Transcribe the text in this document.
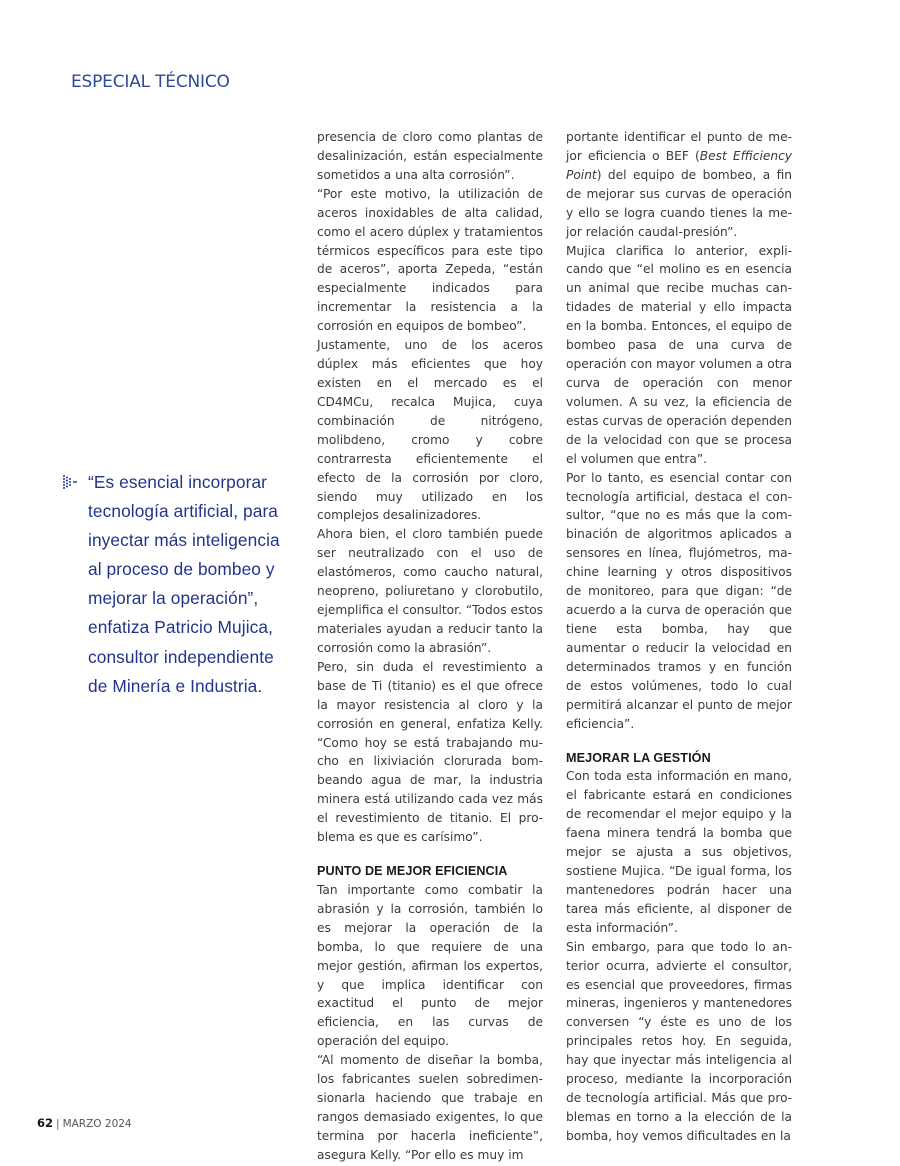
ESPECIAL TÉCNICO
“Es esencial incorporar tecnología artificial, para inyectar más inteligencia al proceso de bombeo y mejorar la operación”, enfatiza Patricio Mujica, consultor independiente de Minería e Industria.

presencia de cloro como plantas de desalinización, están especialmente sometidos a una alta corrosión”.

“Por este motivo, la utilización de aceros inoxidables de alta calidad, como el acero dúplex y tratamientos térmicos específicos para este tipo de aceros”, aporta Zepeda, “están especialmente indicados para incrementar la resistencia a la corrosión en equipos de bombeo”.

Justamente, uno de los aceros dúplex más eficientes que hoy existen en el mercado es el CD4MCu, recalca Mujica, cuya combinación de nitrógeno, molibdeno, cromo y cobre contrarresta eficientemente el efecto de la corrosión por cloro, siendo muy utilizado en los complejos desalinizadores.

Ahora bien, el cloro también puede ser neutralizado con el uso de elastómeros, como caucho natural, neopreno, poliuretano y clorobutilo, ejemplifica el consultor. “Todos estos materiales ayudan a reducir tanto la corrosión como la abrasión”.

Pero, sin duda el revestimiento a base de Ti (titanio) es el que ofrece la mayor resistencia al cloro y la corrosión en general, enfatiza Kelly. “Como hoy se está trabajando mucho en lixiviación clorurada bombeando agua de mar, la industria minera está utilizando cada vez más el revestimiento de titanio. El problema es que es carísimo”.

PUNTO DE MEJOR EFICIENCIA

Tan importante como combatir la abrasión y la corrosión, también lo es mejorar la operación de la bomba, lo que requiere de una mejor gestión, afirman los expertos, y que implica identificar con exactitud el punto de mejor eficiencia, en las curvas de operación del equipo.

“Al momento de diseñar la bomba, los fabricantes suelen sobredimensionarla haciendo que trabaje en rangos demasiado exigentes, lo que termina por hacerla ineficiente”, asegura Kelly. “Por ello es muy im

portante identificar el punto de mejor eficiencia o BEF (Best Efficiency Point) del equipo de bombeo, a fin de mejorar sus curvas de operación y ello se logra cuando tienes la mejor relación caudal-presión”.

Mujica clarifica lo anterior, explicando que “el molino es en esencia un animal que recibe muchas cantidades de material y ello impacta en la bomba. Entonces, el equipo de bombeo pasa de una curva de operación con mayor volumen a otra curva de operación con menor volumen. A su vez, la eficiencia de estas curvas de operación dependen de la velocidad con que se procesa el volumen que entra”.

Por lo tanto, es esencial contar con tecnología artificial, destaca el consultor, “que no es más que la combinación de algoritmos aplicados a sensores en línea, flujómetros, machine learning y otros dispositivos de monitoreo, para que digan: “de acuerdo a la curva de operación que tiene esta bomba, hay que aumentar o reducir la velocidad en determinados tramos y en función de estos volúmenes, todo lo cual permitirá alcanzar el punto de mejor eficiencia”.

MEJORAR LA GESTIÓN

Con toda esta información en mano, el fabricante estará en condiciones de recomendar el mejor equipo y la faena minera tendrá la bomba que mejor se ajusta a sus objetivos, sostiene Mujica. “De igual forma, los mantenedores podrán hacer una tarea más eficiente, al disponer de esta información”.

Sin embargo, para que todo lo anterior ocurra, advierte el consultor, es esencial que proveedores, firmas mineras, ingenieros y mantenedores conversen “y éste es uno de los principales retos hoy. En seguida, hay que inyectar más inteligencia al proceso, mediante la incorporación de tecnología artificial. Más que problemas en torno a la elección de la bomba, hoy vemos dificultades en la

62 | MARZO 2024
